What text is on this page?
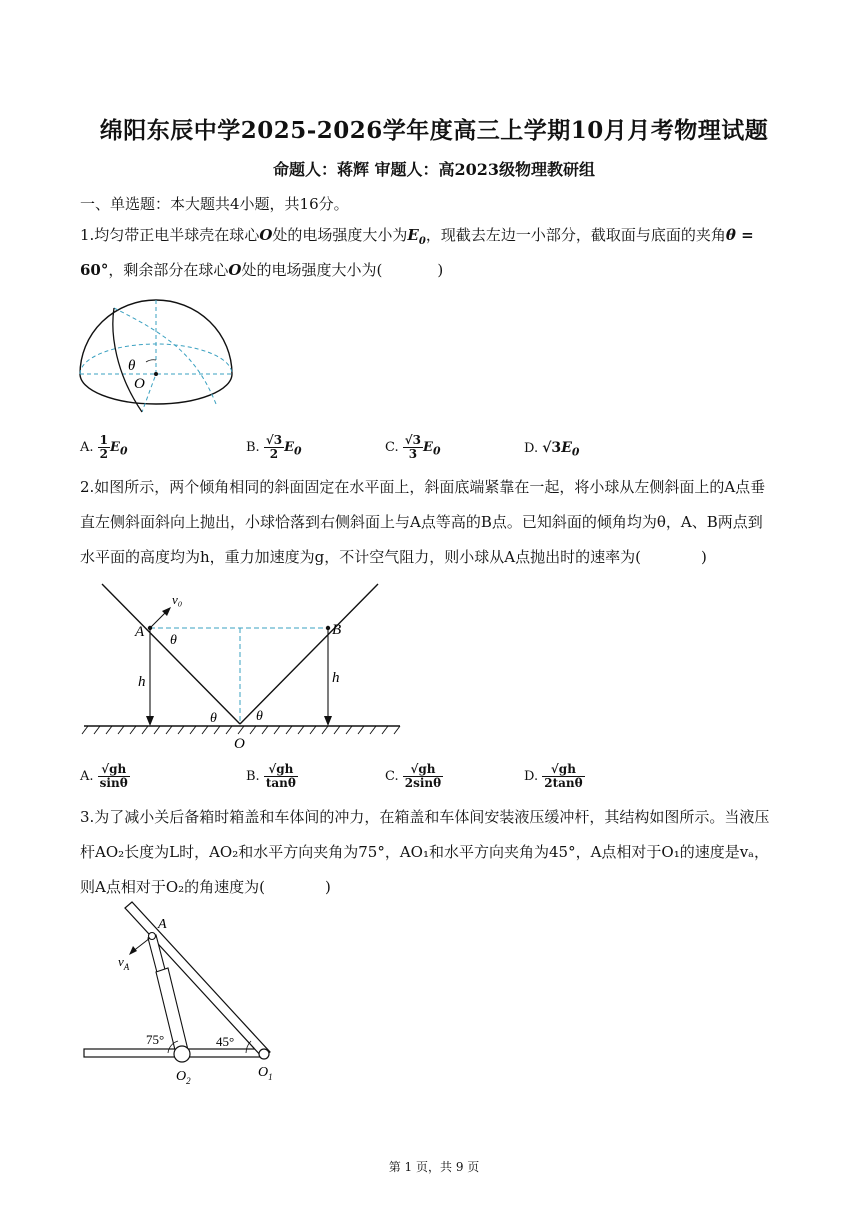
绵阳东辰中学2025-2026学年度高三上学期10月月考物理试题
命题人：蒋辉 审题人：高2023级物理教研组
一、单选题：本大题共4小题，共16分。
1.均匀带正电半球壳在球心O处的电场强度大小为$E_0$，现截去左边一小部分，截取面与底面的夹角θ =
60°，剩余部分在球心O处的电场强度大小为(	)
θ
O
A. $\frac{1}{2} E_0$	B. $\frac{√3}{2} E_0$	C. $\frac{√3}{3} E_0$	D. $√3E_0$
2.如图所示，两个倾角相同的斜面固定在水平面上，斜面底端紧靠在一起，将小球从左侧斜面上的A点垂
直左侧斜面斜向上抛出，小球恰落到右侧斜面上与A点等高的B点。已知斜面的倾角均为θ，A、B两点到
水平面的高度均为h，重力加速度为g，不计空气阻力，则小球从A点抛出时的速率为(	)
v₀
A	B
θ
θ	θ
h	h
O
A. $\frac{√gh}{\sin\theta}$	B. $\frac{√gh}{\tan\theta}$	C. $\frac{√gh}{2\sin\theta}$	D. $\frac{√gh}{2\tan\theta}$
3.为了减小关后备箱时箱盖和车体间的冲力，在箱盖和车体间安装液压缓冲杆，其结构如图所示。当液压
杆AO₂长度为L时，AO₂和水平方向夹角为75°，AO₁和水平方向夹角为45°，A点相对于O₁的速度是vₐ，
则A点相对于O₂的角速度为(	)
A
$v_A$
75°	45°
$O_2$
$O_1$
第 1 页，共 9 页
